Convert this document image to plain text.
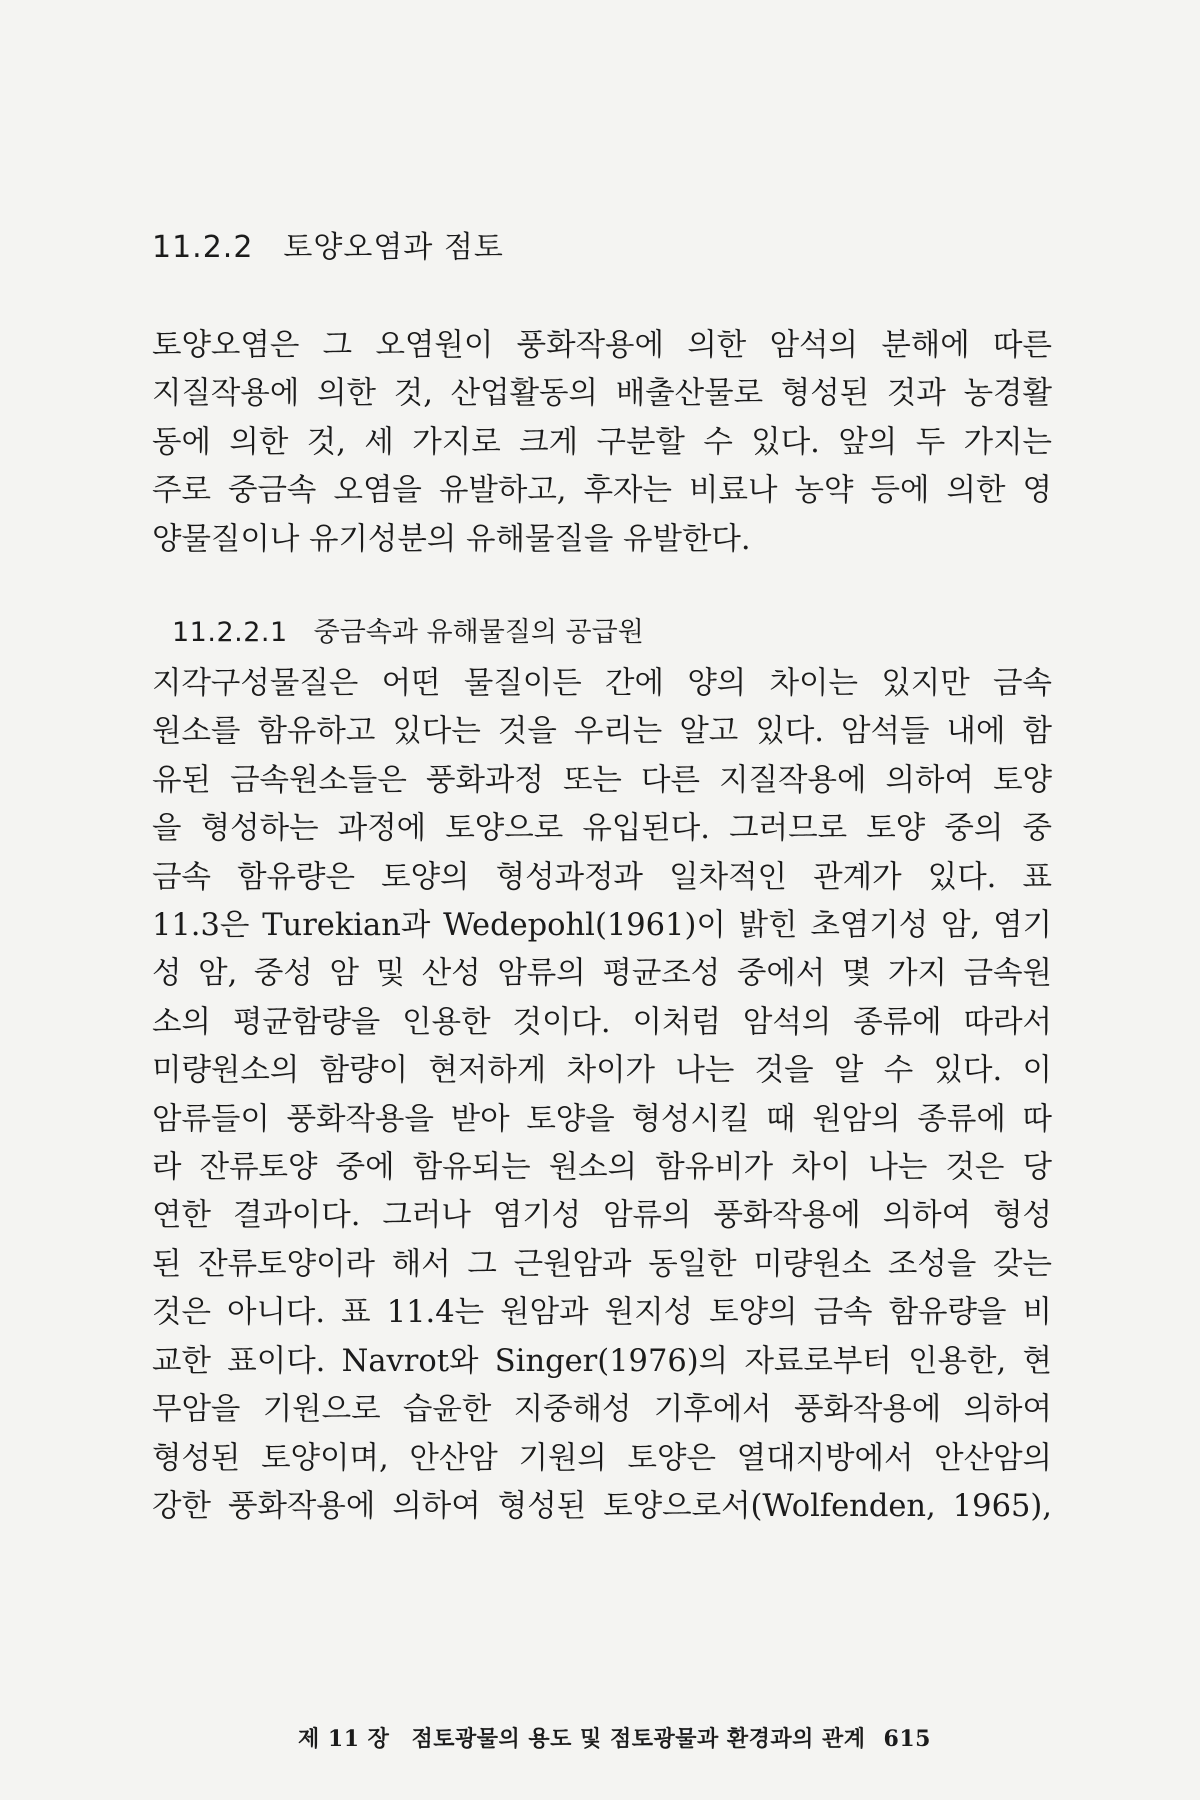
11.2.2 토양오염과 점토

토양오염은 그 오염원이 풍화작용에 의한 암석의 분해에 따른
지질작용에 의한 것, 산업활동의 배출산물로 형성된 것과 농경활
동에 의한 것, 세 가지로 크게 구분할 수 있다. 앞의 두 가지는
주로 중금속 오염을 유발하고, 후자는 비료나 농약 등에 의한 영
양물질이나 유기성분의 유해물질을 유발한다.

11.2.2.1 중금속과 유해물질의 공급원

지각구성물질은 어떤 물질이든 간에 양의 차이는 있지만 금속
원소를 함유하고 있다는 것을 우리는 알고 있다. 암석들 내에 함
유된 금속원소들은 풍화과정 또는 다른 지질작용에 의하여 토양
을 형성하는 과정에 토양으로 유입된다. 그러므로 토양 중의 중
금속 함유량은 토양의 형성과정과 일차적인 관계가 있다. 표
11.3은 Turekian과 Wedepohl(1961)이 밝힌 초염기성 암, 염기
성 암, 중성 암 및 산성 암류의 평균조성 중에서 몇 가지 금속원
소의 평균함량을 인용한 것이다. 이처럼 암석의 종류에 따라서
미량원소의 함량이 현저하게 차이가 나는 것을 알 수 있다. 이
암류들이 풍화작용을 받아 토양을 형성시킬 때 원암의 종류에 따
라 잔류토양 중에 함유되는 원소의 함유비가 차이 나는 것은 당
연한 결과이다. 그러나 염기성 암류의 풍화작용에 의하여 형성
된 잔류토양이라 해서 그 근원암과 동일한 미량원소 조성을 갖는
것은 아니다. 표 11.4는 원암과 원지성 토양의 금속 함유량을 비
교한 표이다. Navrot와 Singer(1976)의 자료로부터 인용한, 현
무암을 기원으로 습윤한 지중해성 기후에서 풍화작용에 의하여
형성된 토양이며, 안산암 기원의 토양은 열대지방에서 안산암의
강한 풍화작용에 의하여 형성된 토양으로서(Wolfenden, 1965),

제 11 장 점토광물의 용도 및 점토광물과 환경과의 관계 615
